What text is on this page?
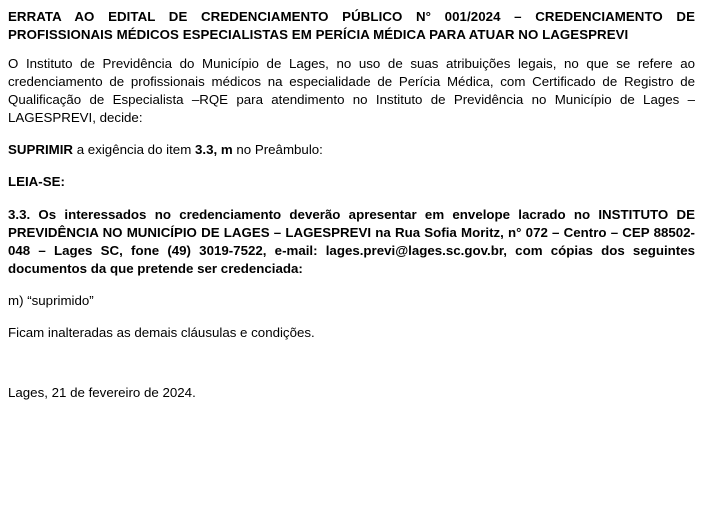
ERRATA AO EDITAL DE CREDENCIAMENTO PÚBLICO N° 001/2024 – CREDENCIAMENTO DE PROFISSIONAIS MÉDICOS ESPECIALISTAS EM PERÍCIA MÉDICA PARA ATUAR NO LAGESPREVI

O Instituto de Previdência do Município de Lages, no uso de suas atribuições legais, no que se refere ao credenciamento de profissionais médicos na especialidade de Perícia Médica, com Certificado de Registro de Qualificação de Especialista –RQE para atendimento no Instituto de Previdência no Município de Lages – LAGESPREVI, decide:

SUPRIMIR a exigência do item 3.3, m no Preâmbulo:

LEIA-SE:

3.3. Os interessados no credenciamento deverão apresentar em envelope lacrado no INSTITUTO DE PREVIDÊNCIA NO MUNICÍPIO DE LAGES – LAGESPREVI na Rua Sofia Moritz, n° 072 – Centro – CEP 88502-048 – Lages SC, fone (49) 3019-7522, e-mail: lages.previ@lages.sc.gov.br, com cópias dos seguintes documentos da que pretende ser credenciada:

m) “suprimido”

Ficam inalteradas as demais cláusulas e condições.

Lages, 21 de fevereiro de 2024.
